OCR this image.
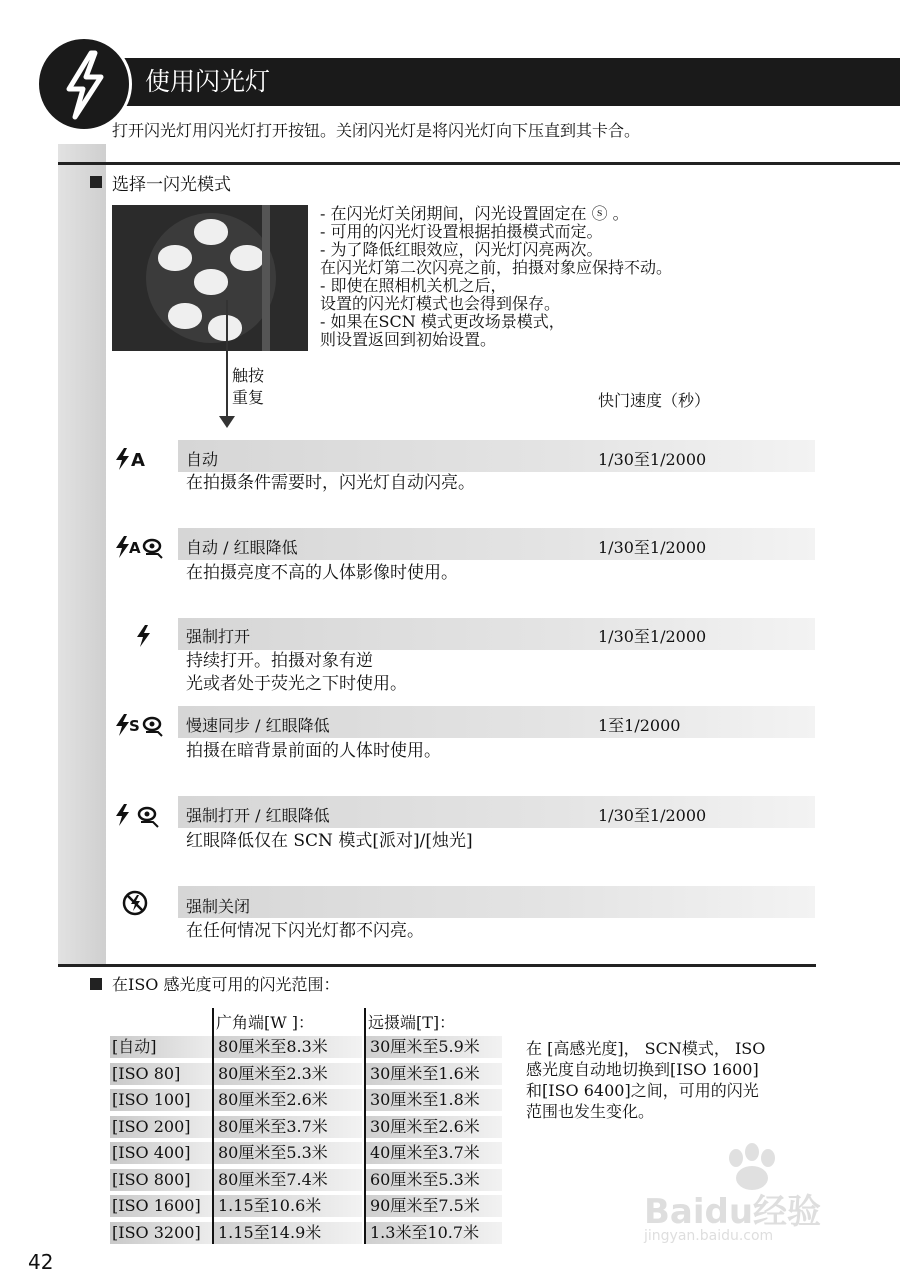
使用闪光灯
打开闪光灯用闪光灯打开按钮。关闭闪光灯是将闪光灯向下压直到其卡合。
选择一闪光模式
- 在闪光灯关闭期间，闪光设置固定在 ⓢ 。
- 可用的闪光灯设置根据拍摄模式而定。
- 为了降低红眼效应，闪光灯闪亮两次。
在闪光灯第二次闪亮之前，拍摄对象应保持不动。
- 即使在照相机关机之后，
设置的闪光灯模式也会得到保存。
- 如果在SCN 模式更改场景模式，
则设置返回到初始设置。
触按
重复	快门速度（秒）
A	自动	1/30至1/2000
在拍摄条件需要时，闪光灯自动闪亮。
A	自动 / 红眼降低	1/30至1/2000
在拍摄亮度不高的人体影像时使用。
强制打开	1/30至1/2000
持续打开。拍摄对象有逆
光或者处于荧光之下时使用。
S	慢速同步 / 红眼降低	1至1/2000
拍摄在暗背景前面的人体时使用。
强制打开 / 红眼降低	1/30至1/2000
红眼降低仅在 SCN 模式[派对]/[烛光]
强制关闭
在任何情况下闪光灯都不闪亮。
在ISO 感光度可用的闪光范围：
广角端[W ]：	远摄端[T]：
[自动]	80厘米至8.3米	30厘米至5.9米
[ISO 80] 80厘米至2.3米	30厘米至1.6米
[ISO 100] 80厘米至2.6米	30厘米至1.8米
[ISO 200] 80厘米至3.7米	30厘米至2.6米
[ISO 400] 80厘米至5.3米	40厘米至3.7米
[ISO 800] 80厘米至7.4米	60厘米至5.3米
[ISO 1600] 1.15至10.6米	90厘米至7.5米
[ISO 3200] 1.15至14.9米	1.3米至10.7米
在 [高感光度]， SCN模式， ISO
感光度自动地切换到[ISO 1600]
和[ISO 6400]之间，可用的闪光
范围也发生变化。
42
Baidu经验
jingyan.baidu.com
